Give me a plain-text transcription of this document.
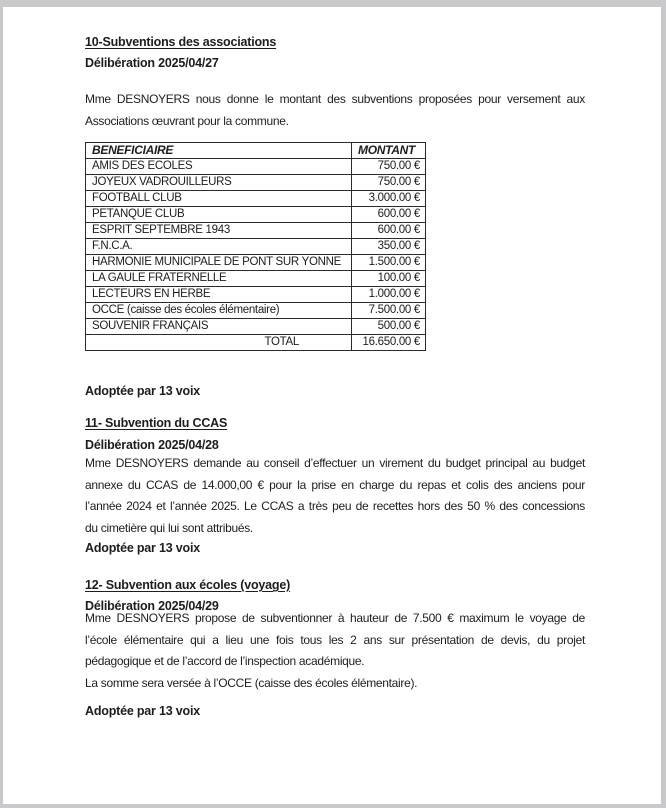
10-Subventions des associations
Délibération 2025/04/27
Mme DESNOYERS nous donne le montant des subventions proposées pour versement aux
Associations œuvrant pour la commune.
BENEFICIAIRE	MONTANT
AMIS DES ECOLES	750.00 €
JOYEUX VADROUILLEURS	750.00 €
FOOTBALL CLUB	3.000.00 €
PETANQUE CLUB	600.00 €
ESPRIT SEPTEMBRE 1943	600.00 €
F.N.C.A.	350.00 €
HARMONIE MUNICIPALE DE PONT SUR YONNE	1.500.00 €
LA GAULE FRATERNELLE	100.00 €
LECTEURS EN HERBE	1.000.00 €
OCCE (caisse des écoles élémentaire)	7.500.00 €
SOUVENIR FRANÇAIS	500.00 €
TOTAL	16.650.00 €
Adoptée par 13 voix
11- Subvention du CCAS
Délibération 2025/04/28
Mme DESNOYERS demande au conseil d’effectuer un virement du budget principal au budget
annexe du CCAS de 14.000,00 € pour la prise en charge du repas et colis des anciens pour
l’année 2024 et l’année 2025. Le CCAS a très peu de recettes hors des 50 % des concessions
du cimetière qui lui sont attribués.
Adoptée par 13 voix
12- Subvention aux écoles (voyage)
Délibération 2025/04/29
Mme DESNOYERS propose de subventionner à hauteur de 7.500 € maximum le voyage de
l’école élémentaire qui a lieu une fois tous les 2 ans sur présentation de devis, du projet
pédagogique et de l’accord de l’inspection académique.
La somme sera versée à l’OCCE (caisse des écoles élémentaire).
Adoptée par 13 voix
